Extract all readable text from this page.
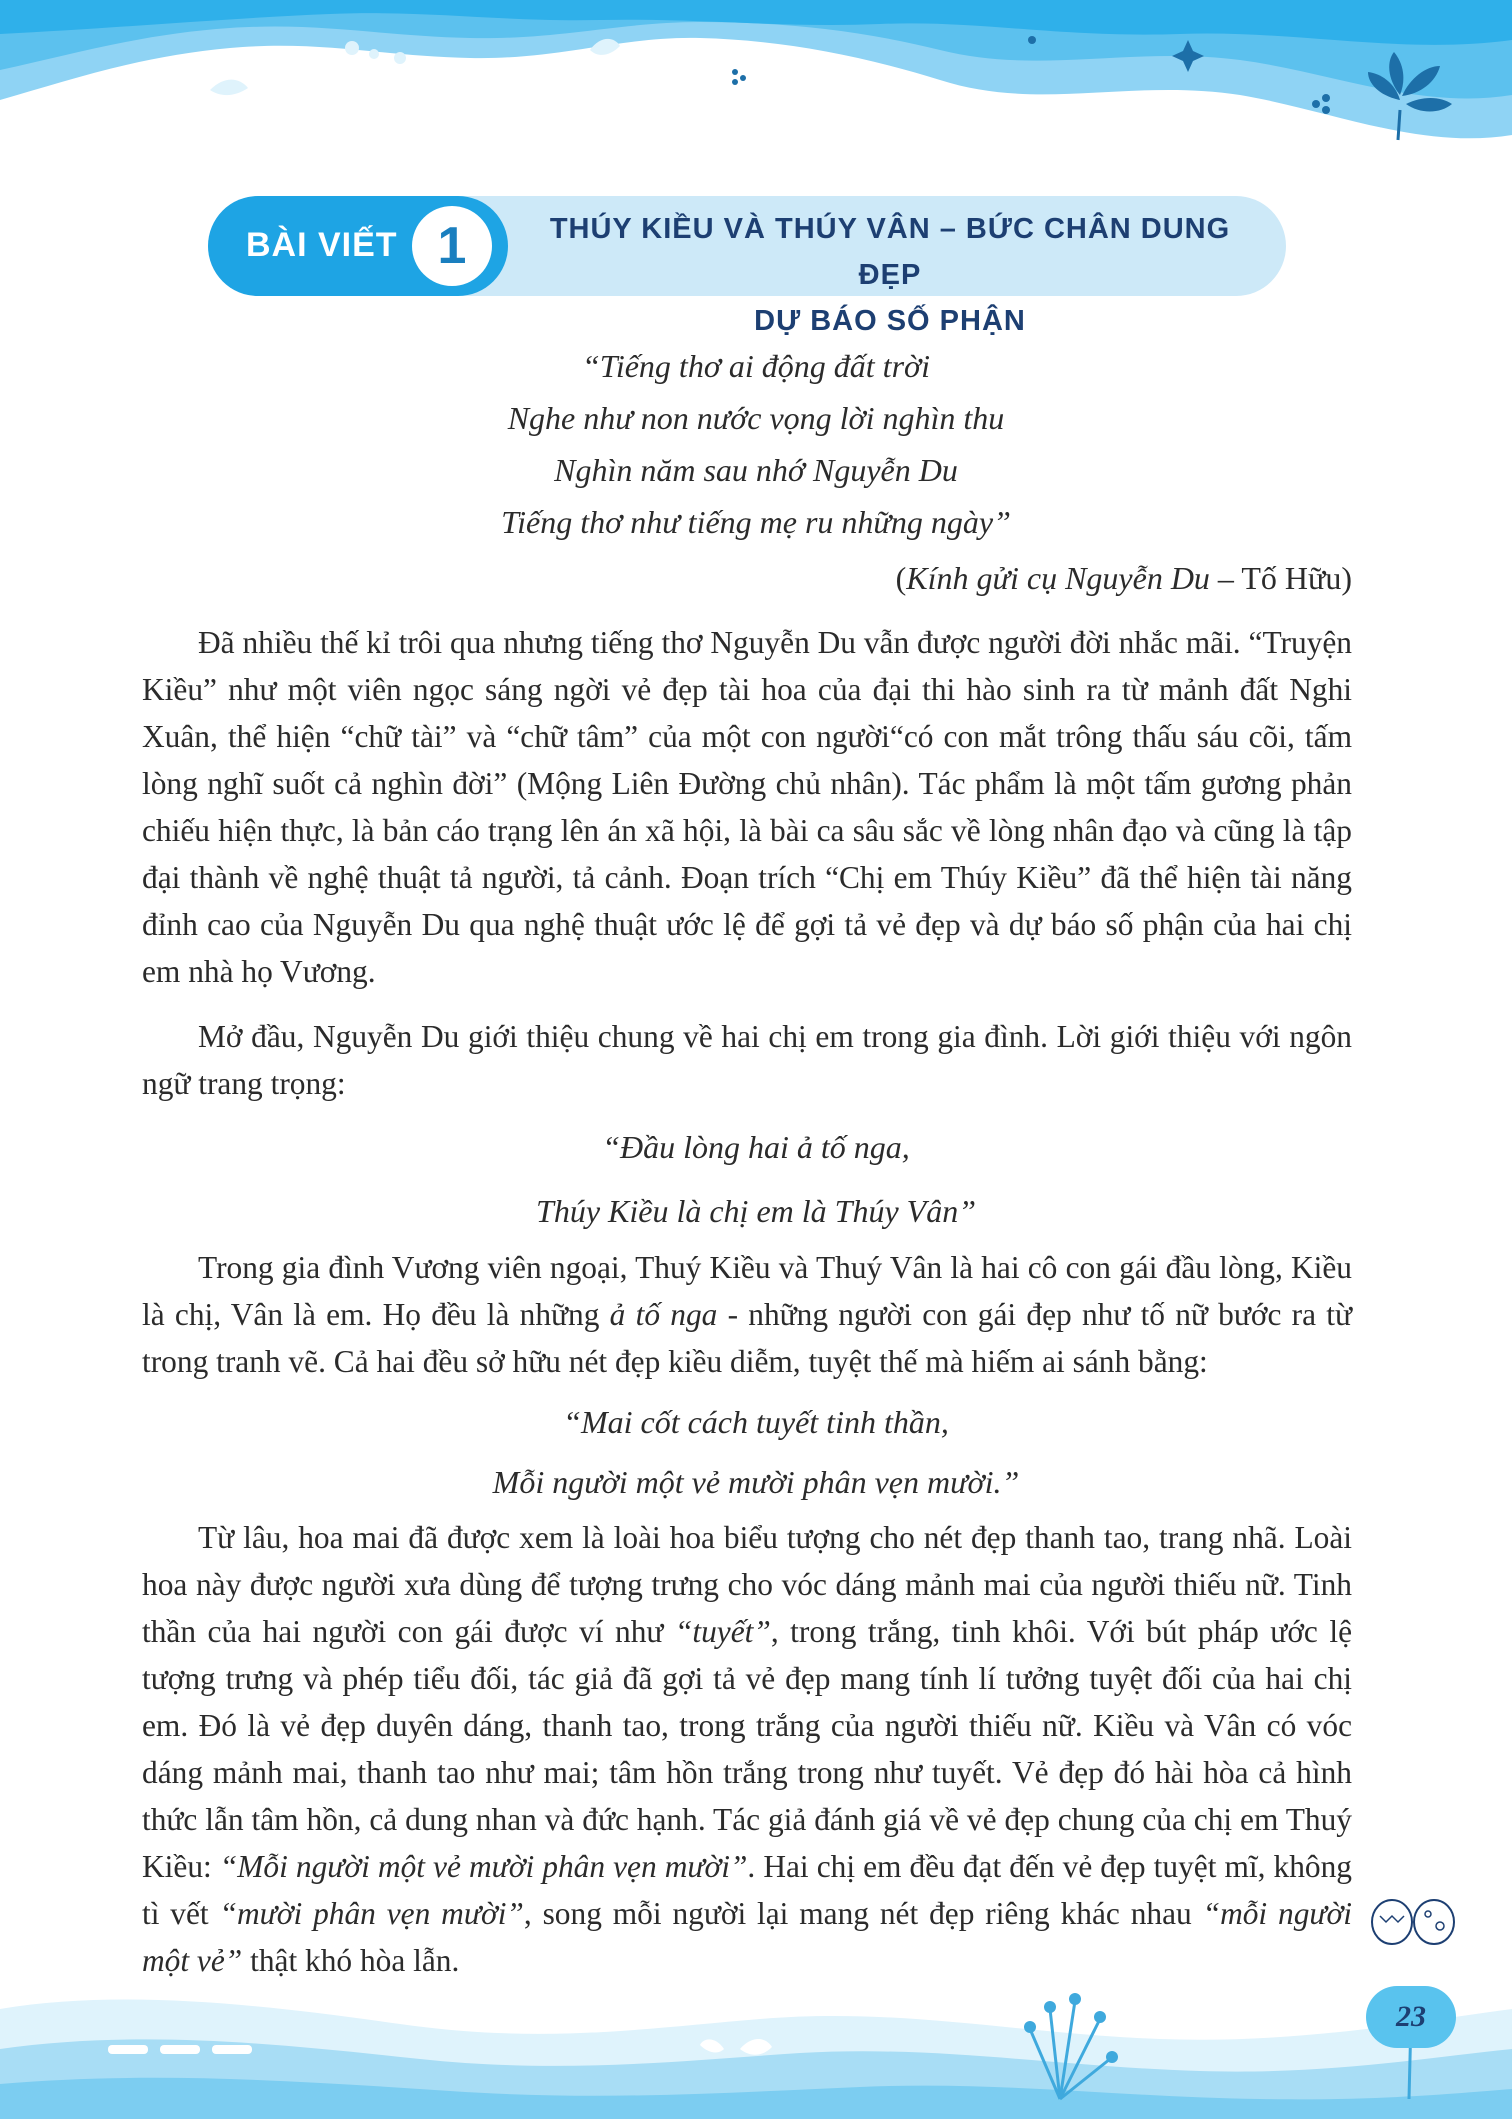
BÀI VIẾT 1	THÚY KIỀU VÀ THÚY VÂN – BỨC CHÂN DUNG ĐẸP
DỰ BÁO SỐ PHẬN
“Tiếng thơ ai động đất trời
Nghe như non nước vọng lời nghìn thu
Nghìn năm sau nhớ Nguyễn Du
Tiếng thơ như tiếng mẹ ru những ngày”
(Kính gửi cụ Nguyễn Du – Tố Hữu)

Đã nhiều thế kỉ trôi qua nhưng tiếng thơ Nguyễn Du vẫn được người đời nhắc mãi. “Truyện Kiều” như một viên ngọc sáng ngời vẻ đẹp tài hoa của đại thi hào sinh ra từ mảnh đất Nghi Xuân, thể hiện “chữ tài” và “chữ tâm” của một con người“có con mắt trông thấu sáu cõi, tấm lòng nghĩ suốt cả nghìn đời” (Mộng Liên Đường chủ nhân). Tác phẩm là một tấm gương phản chiếu hiện thực, là bản cáo trạng lên án xã hội, là bài ca sâu sắc về lòng nhân đạo và cũng là tập đại thành về nghệ thuật tả người, tả cảnh. Đoạn trích “Chị em Thúy Kiều” đã thể hiện tài năng đỉnh cao của Nguyễn Du qua nghệ thuật ước lệ để gợi tả vẻ đẹp và dự báo số phận của hai chị em nhà họ Vương.

Mở đầu, Nguyễn Du giới thiệu chung về hai chị em trong gia đình. Lời giới thiệu với ngôn ngữ trang trọng:

“Đầu lòng hai ả tố nga,
Thúy Kiều là chị em là Thúy Vân”

Trong gia đình Vương viên ngoại, Thuý Kiều và Thuý Vân là hai cô con gái đầu lòng, Kiều là chị, Vân là em. Họ đều là những ả tố nga - những người con gái đẹp như tố nữ bước ra từ trong tranh vẽ. Cả hai đều sở hữu nét đẹp kiều diễm, tuyệt thế mà hiếm ai sánh bằng:

“Mai cốt cách tuyết tinh thần,
Mỗi người một vẻ mười phân vẹn mười.”

Từ lâu, hoa mai đã được xem là loài hoa biểu tượng cho nét đẹp thanh tao, trang nhã. Loài hoa này được người xưa dùng để tượng trưng cho vóc dáng mảnh mai của người thiếu nữ. Tinh thần của hai người con gái được ví như “tuyết”, trong trắng, tinh khôi. Với bút pháp ước lệ tượng trưng và phép tiểu đối, tác giả đã gợi tả vẻ đẹp mang tính lí tưởng tuyệt đối của hai chị em. Đó là vẻ đẹp duyên dáng, thanh tao, trong trắng của người thiếu nữ. Kiều và Vân có vóc dáng mảnh mai, thanh tao như mai; tâm hồn trắng trong như tuyết. Vẻ đẹp đó hài hòa cả hình thức lẫn tâm hồn, cả dung nhan và đức hạnh. Tác giả đánh giá về vẻ đẹp chung của chị em Thuý Kiều: “Mỗi người một vẻ mười phân vẹn mười”. Hai chị em đều đạt đến vẻ đẹp tuyệt mĩ, không tì vết “mười phân vẹn mười”, song mỗi người lại mang nét đẹp riêng khác nhau “mỗi người một vẻ” thật khó hòa lẫn.

23
